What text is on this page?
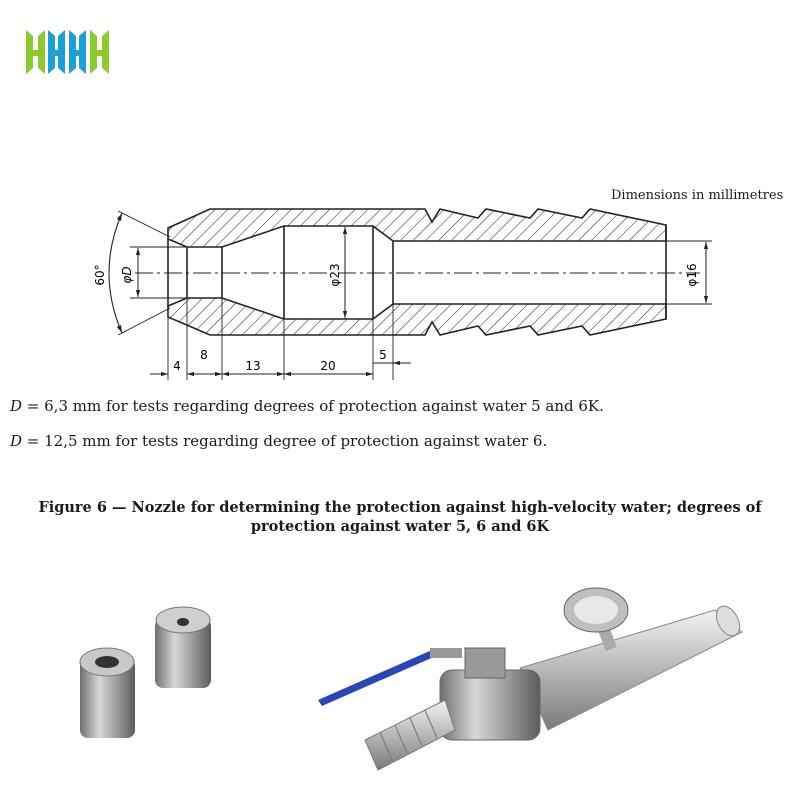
Dimensions in millimetres
60° φD	φ23	φ16
4
8
13	20
5
D = 6,3 mm for tests regarding degrees of protection against water 5 and 6K.
D = 12,5 mm for tests regarding degree of protection against water 6.
Figure 6 — Nozzle for determining the protection against high-velocity water; degrees of
protection against water 5, 6 and 6K
